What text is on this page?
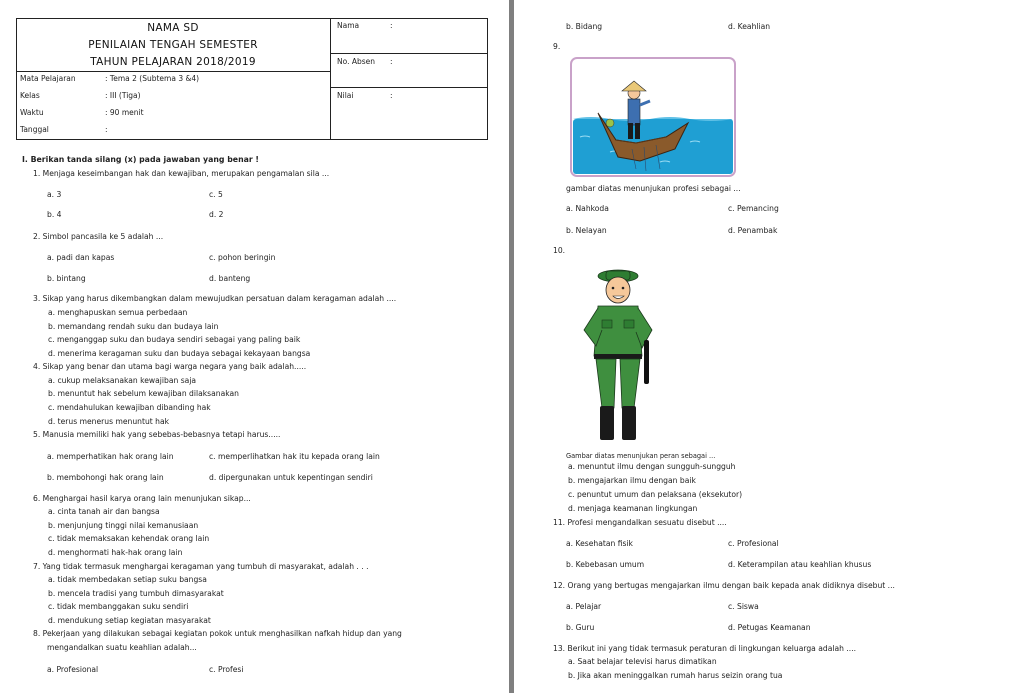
NAMA SD
PENILAIAN TENGAH SEMESTER
TAHUN PELAJARAN 2018/2019
Nama	:
No. Absen :
Nilai	:
Mata Pelajaran	: Tema 2 (Subtema 3 &4)
Kelas	: III (Tiga)
Waktu	: 90 menit
Tanggal	:
I. Berikan tanda silang (x) pada jawaban yang benar !
1. Menjaga keseimbangan hak dan kewajiban, merupakan pengamalan sila ...
a. 3	c. 5
b. 4	d. 2
2. Simbol pancasila ke 5 adalah ...
a. padi dan kapas	c. pohon beringin
b. bintang	d. banteng
3. Sikap yang harus dikembangkan dalam mewujudkan persatuan dalam keragaman adalah ....
a. menghapuskan semua perbedaan
b. memandang rendah suku dan budaya lain
c. menganggap suku dan budaya sendiri sebagai yang paling baik
d. menerima keragaman suku dan budaya sebagai kekayaan bangsa
4. Sikap yang benar dan utama bagi warga negara yang baik adalah.....
a. cukup melaksanakan kewajiban saja
b. menuntut hak sebelum kewajiban dilaksanakan
c. mendahulukan kewajiban dibanding hak
d. terus menerus menuntut hak
5. Manusia memiliki hak yang sebebas-bebasnya tetapi harus.....
a. memperhatikan hak orang lain	c. memperlihatkan hak itu kepada orang lain
b. membohongi hak orang lain	d. dipergunakan untuk kepentingan sendiri
6. Menghargai hasil karya orang lain menunjukan sikap...
a. cinta tanah air dan bangsa
b. menjunjung tinggi nilai kemanusiaan
c. tidak memaksakan kehendak orang lain
d. menghormati hak-hak orang lain
7. Yang tidak termasuk menghargai keragaman yang tumbuh di masyarakat, adalah . . .
a. tidak membedakan setiap suku bangsa
b. mencela tradisi yang tumbuh dimasyarakat
c. tidak membanggakan suku sendiri
d. mendukung setiap kegiatan masyarakat
8. Pekerjaan yang dilakukan sebagai kegiatan pokok untuk menghasilkan nafkah hidup dan yang
mengandalkan suatu keahlian adalah...
a. Profesional	c. Profesi
b. Bidang	d. Keahlian
9.
gambar diatas menunjukan profesi sebagai ...
a. Nahkoda	c. Pemancing
b. Nelayan	d. Penambak
10.
Gambar diatas menunjukan peran sebagai ...
a. menuntut ilmu dengan sungguh-sungguh
b. mengajarkan ilmu dengan baik
c. penuntut umum dan pelaksana (eksekutor)
d. menjaga keamanan lingkungan
11. Profesi mengandalkan sesuatu disebut ....
a. Kesehatan fisik	c. Profesional
b. Kebebasan umum	d. Keterampilan atau keahlian khusus
12. Orang yang bertugas mengajarkan ilmu dengan baik kepada anak didiknya disebut ...
a. Pelajar	c. Siswa
b. Guru	d. Petugas Keamanan
13. Berikut ini yang tidak termasuk peraturan di lingkungan keluarga adalah ....
a. Saat belajar televisi harus dimatikan
b. Jika akan meninggalkan rumah harus seizin orang tua
